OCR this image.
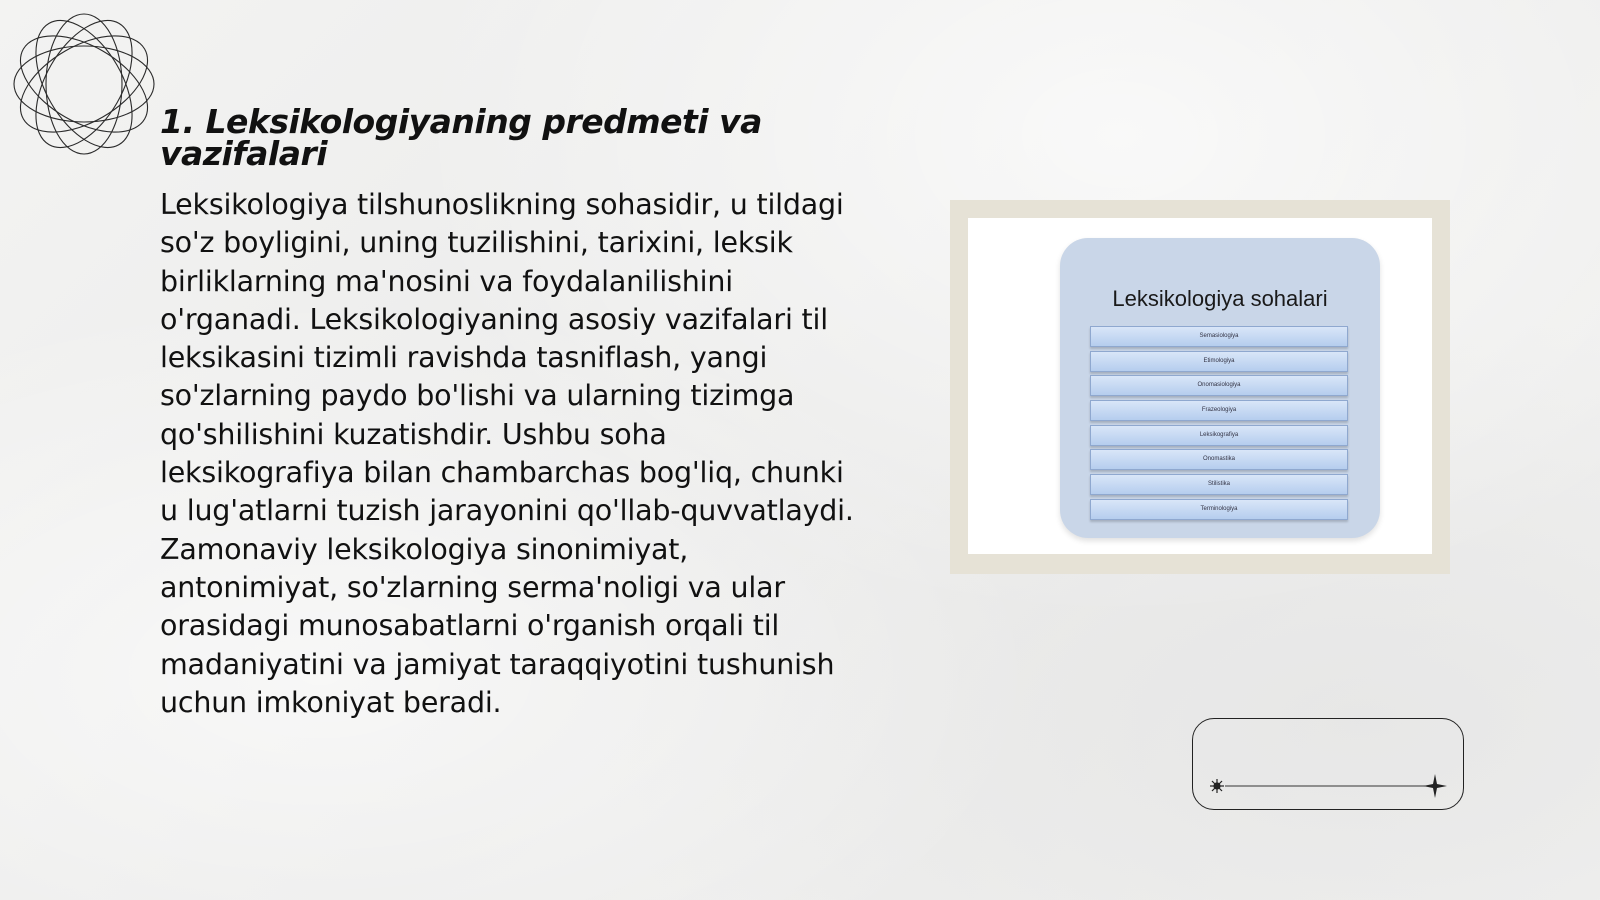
1. Leksikologiyaning predmeti va vazifalari

Leksikologiya tilshunoslikning sohasidir, u tildagi so'z boyligini, uning tuzilishini, tarixini, leksik birliklarning ma'nosini va foydalanilishini o'rganadi. Leksikologiyaning asosiy vazifalari til leksikasini tizimli ravishda tasniflash, yangi so'zlarning paydo bo'lishi va ularning tizimga qo'shilishini kuzatishdir. Ushbu soha leksikografiya bilan chambarchas bog'liq, chunki u lug'atlarni tuzish jarayonini qo'llab-quvvatlaydi. Zamonaviy leksikologiya sinonimiyat, antonimiyat, so'zlarning serma'noligi va ular orasidagi munosabatlarni o'rganish orqali til madaniyatini va jamiyat taraqqiyotini tushunish uchun imkoniyat beradi.

Leksikologiya sohalari
Semasiologiya
Etimologiya
Onomasiologiya
Frazeologiya
Leksikografiya
Onomastika
Stilistika
Terminologiya
